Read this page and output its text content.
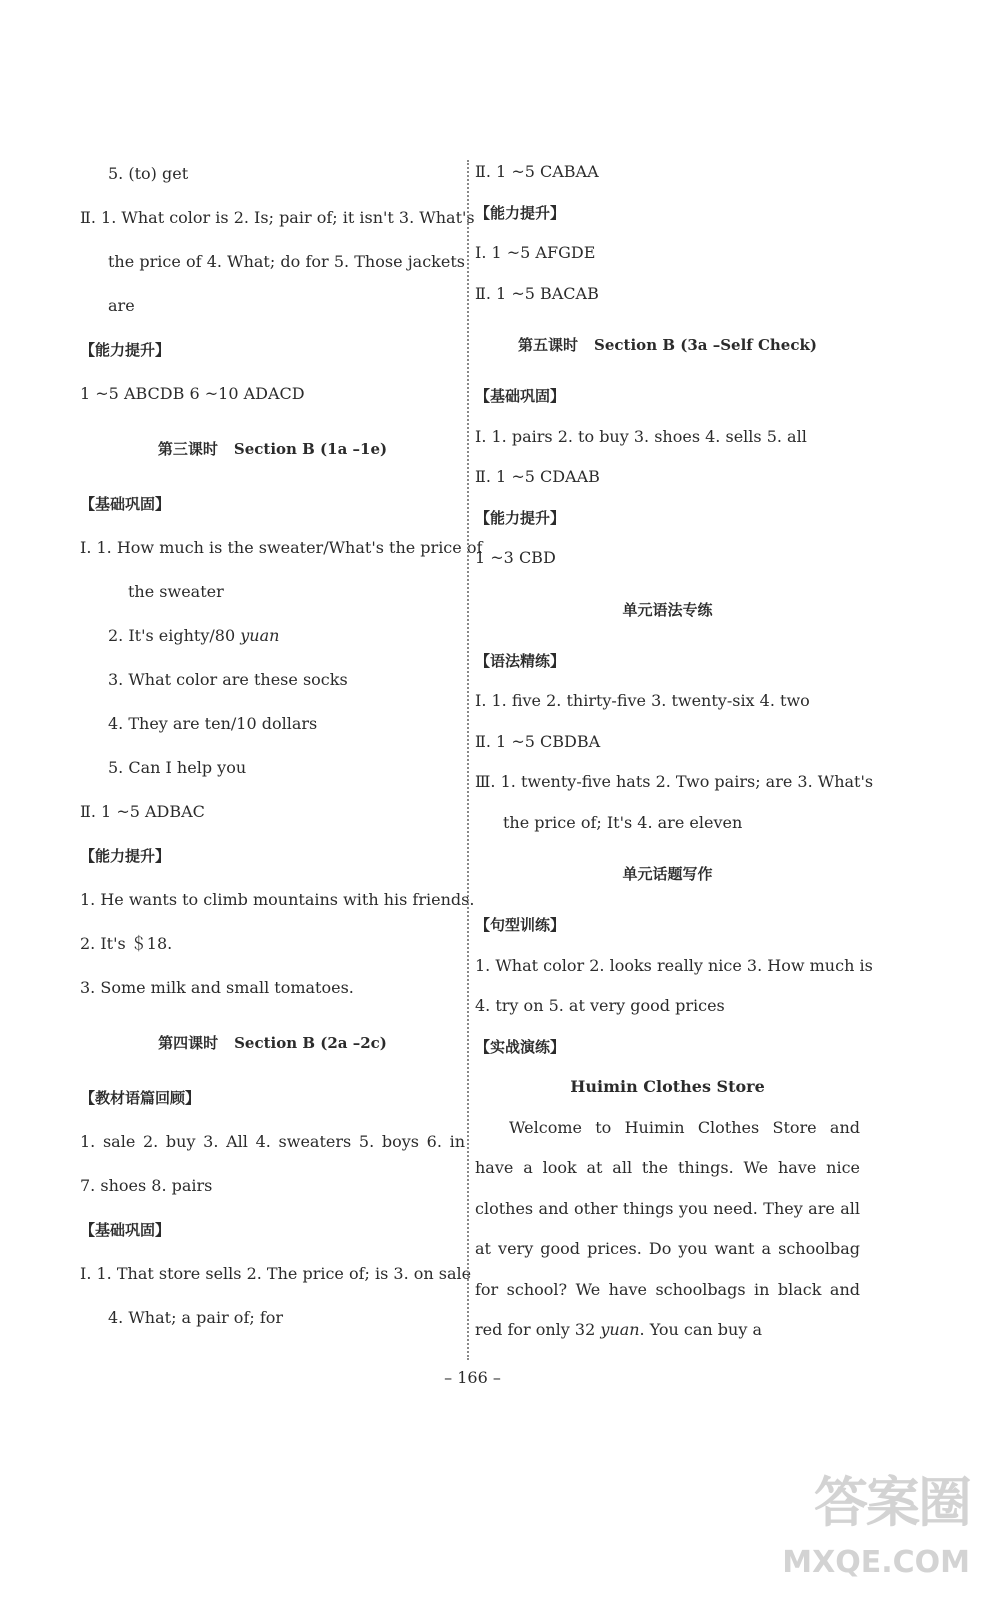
5. (to) get
Ⅱ. 1. What color is 2. Is; pair of; it isn't 3. What's
the price of 4. What; do for 5. Those jackets
are
【能力提升】
1 ~5 ABCDB 6 ~10 ADACD
第三课时 Section B (1a –1e)
【基础巩固】
Ⅰ. 1. How much is the sweater/What's the price of
the sweater
2. It's eighty/80 yuan
3. What color are these socks
4. They are ten/10 dollars
5. Can I help you
Ⅱ. 1 ~5 ADBAC
【能力提升】
1. He wants to climb mountains with his friends.
2. It's ＄18.
3. Some milk and small tomatoes.
第四课时 Section B (2a –2c)
【教材语篇回顾】
1. sale 2. buy 3. All 4. sweaters 5. boys 6. in
7. shoes 8. pairs
【基础巩固】
Ⅰ. 1. That store sells 2. The price of; is 3. on sale
4. What; a pair of; for
Ⅱ. 1 ~5 CABAA
【能力提升】
Ⅰ. 1 ~5 AFGDE
Ⅱ. 1 ~5 BACAB
第五课时 Section B (3a –Self Check)
【基础巩固】
Ⅰ. 1. pairs 2. to buy 3. shoes 4. sells 5. all
Ⅱ. 1 ~5 CDAAB
【能力提升】
1 ~3 CBD
单元语法专练
【语法精练】
Ⅰ. 1. five 2. thirty-five 3. twenty-six 4. two
Ⅱ. 1 ~5 CBDBA
Ⅲ. 1. twenty-five hats 2. Two pairs; are 3. What's
the price of; It's 4. are eleven
单元话题写作
【句型训练】
1. What color 2. looks really nice 3. How much is
4. try on 5. at very good prices
【实战演练】
Huimin Clothes Store
Welcome to Huimin Clothes Store and have a look at all the things. We have nice clothes and other things you need. They are all at very good prices. Do you want a schoolbag for school? We have schoolbags in black and red for only 32 yuan. You can buy a
– 166 –
答案圈
MXQE.COM
